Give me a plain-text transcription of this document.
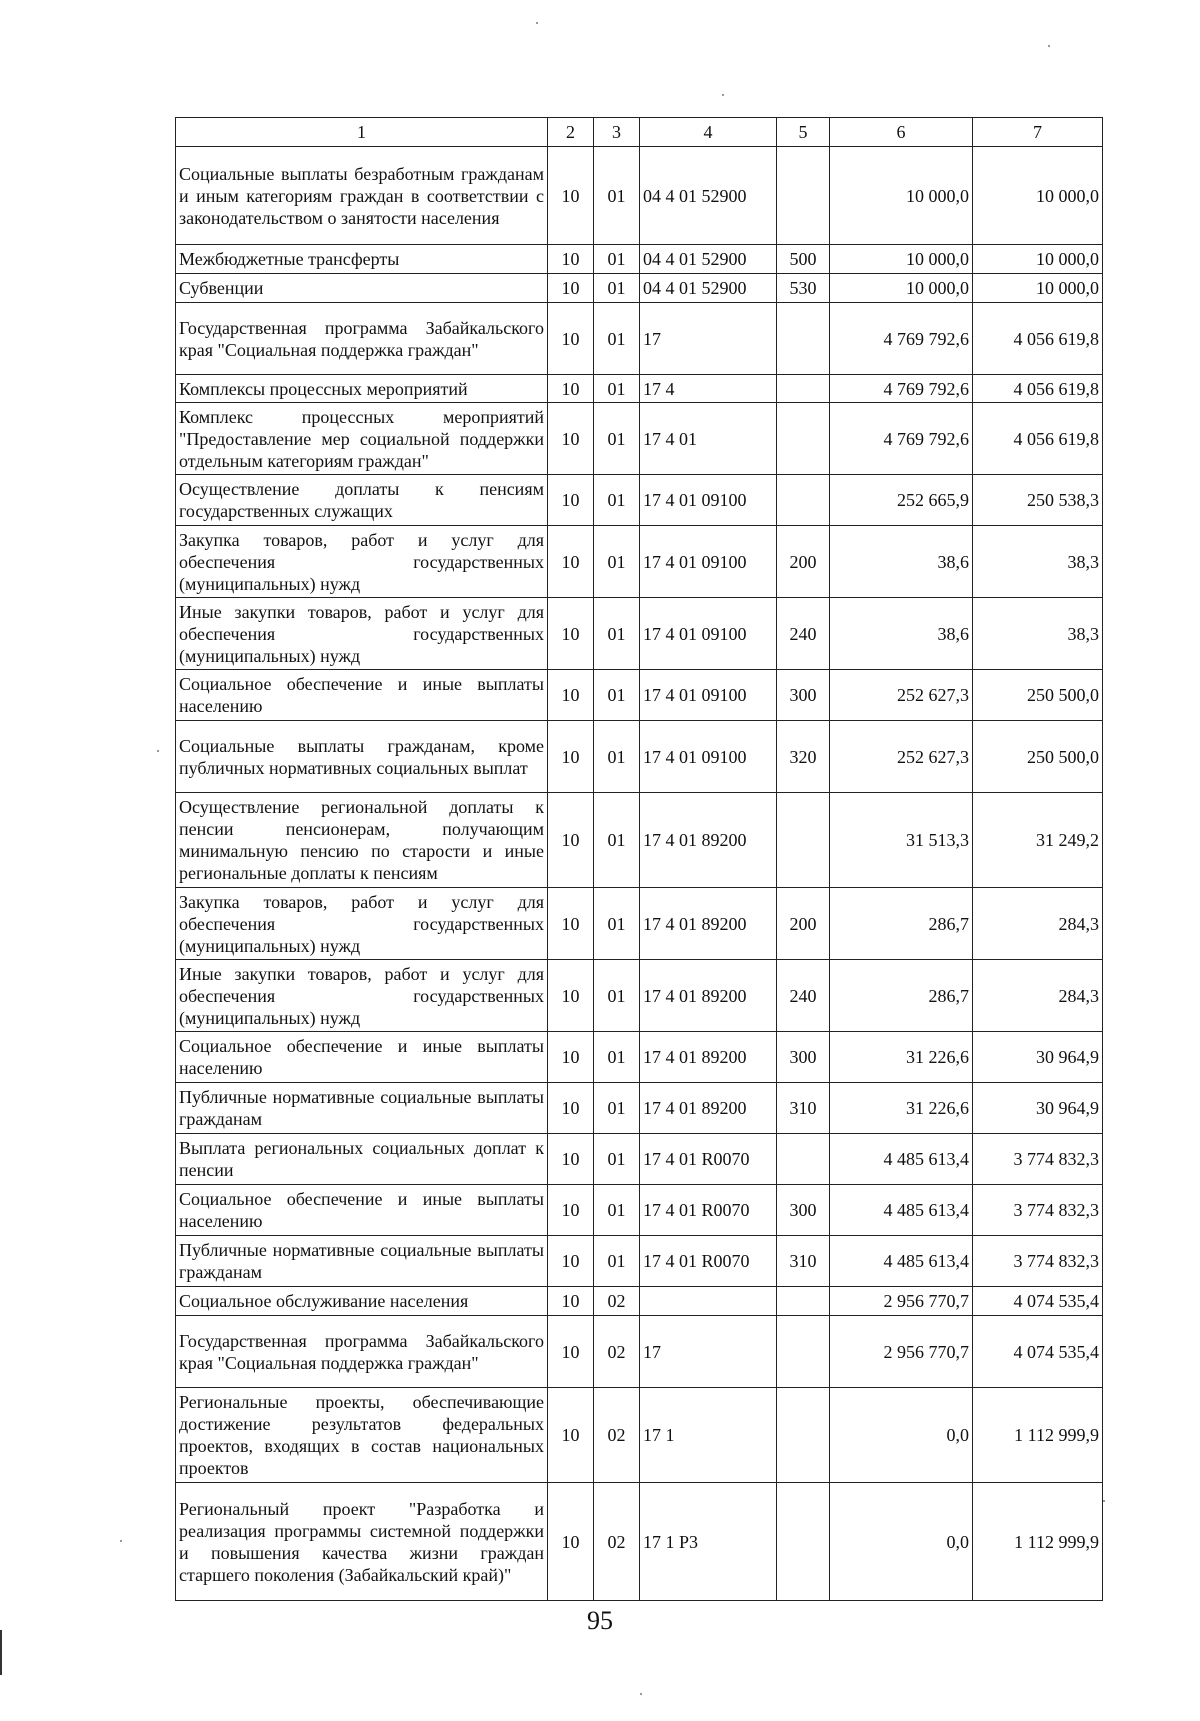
1	2	3	4	5	6	7
Социальные выплаты безработным гражданам и иным категориям граждан в соответствии с законодательством о занятости населения	10	01	04 4 01 52900		10 000,0	10 000,0
Межбюджетные трансферты	10	01	04 4 01 52900	500	10 000,0	10 000,0
Субвенции	10	01	04 4 01 52900	530	10 000,0	10 000,0
Государственная программа Забайкальского края "Социальная поддержка граждан"	10	01	17		4 769 792,6	4 056 619,8
Комплексы процессных мероприятий	10	01	17 4		4 769 792,6	4 056 619,8
Комплекс процессных мероприятий "Предоставление мер социальной поддержки отдельным категориям граждан"	10	01	17 4 01		4 769 792,6	4 056 619,8
Осуществление доплаты к пенсиям государственных служащих	10	01	17 4 01 09100		252 665,9	250 538,3
Закупка товаров, работ и услуг для обеспечения государственных (муниципальных) нужд	10	01	17 4 01 09100	200	38,6	38,3
Иные закупки товаров, работ и услуг для обеспечения государственных (муниципальных) нужд	10	01	17 4 01 09100	240	38,6	38,3
Социальное обеспечение и иные выплаты населению	10	01	17 4 01 09100	300	252 627,3	250 500,0
Социальные выплаты гражданам, кроме публичных нормативных социальных выплат	10	01	17 4 01 09100	320	252 627,3	250 500,0
Осуществление региональной доплаты к пенсии пенсионерам, получающим минимальную пенсию по старости и иные региональные доплаты к пенсиям	10	01	17 4 01 89200		31 513,3	31 249,2
Закупка товаров, работ и услуг для обеспечения государственных (муниципальных) нужд	10	01	17 4 01 89200	200	286,7	284,3
Иные закупки товаров, работ и услуг для обеспечения государственных (муниципальных) нужд	10	01	17 4 01 89200	240	286,7	284,3
Социальное обеспечение и иные выплаты населению	10	01	17 4 01 89200	300	31 226,6	30 964,9
Публичные нормативные социальные выплаты гражданам	10	01	17 4 01 89200	310	31 226,6	30 964,9
Выплата региональных социальных доплат к пенсии	10	01	17 4 01 R0070		4 485 613,4	3 774 832,3
Социальное обеспечение и иные выплаты населению	10	01	17 4 01 R0070	300	4 485 613,4	3 774 832,3
Публичные нормативные социальные выплаты гражданам	10	01	17 4 01 R0070	310	4 485 613,4	3 774 832,3
Социальное обслуживание населения	10	02			2 956 770,7	4 074 535,4
Государственная программа Забайкальского края "Социальная поддержка граждан"	10	02	17		2 956 770,7	4 074 535,4
Региональные проекты, обеспечивающие достижение результатов федеральных проектов, входящих в состав национальных проектов	10	02	17 1		0,0	1 112 999,9
Региональный проект "Разработка и реализация программы системной поддержки и повышения качества жизни граждан старшего поколения (Забайкальский край)"	10	02	17 1 P3		0,0	1 112 999,9
95
